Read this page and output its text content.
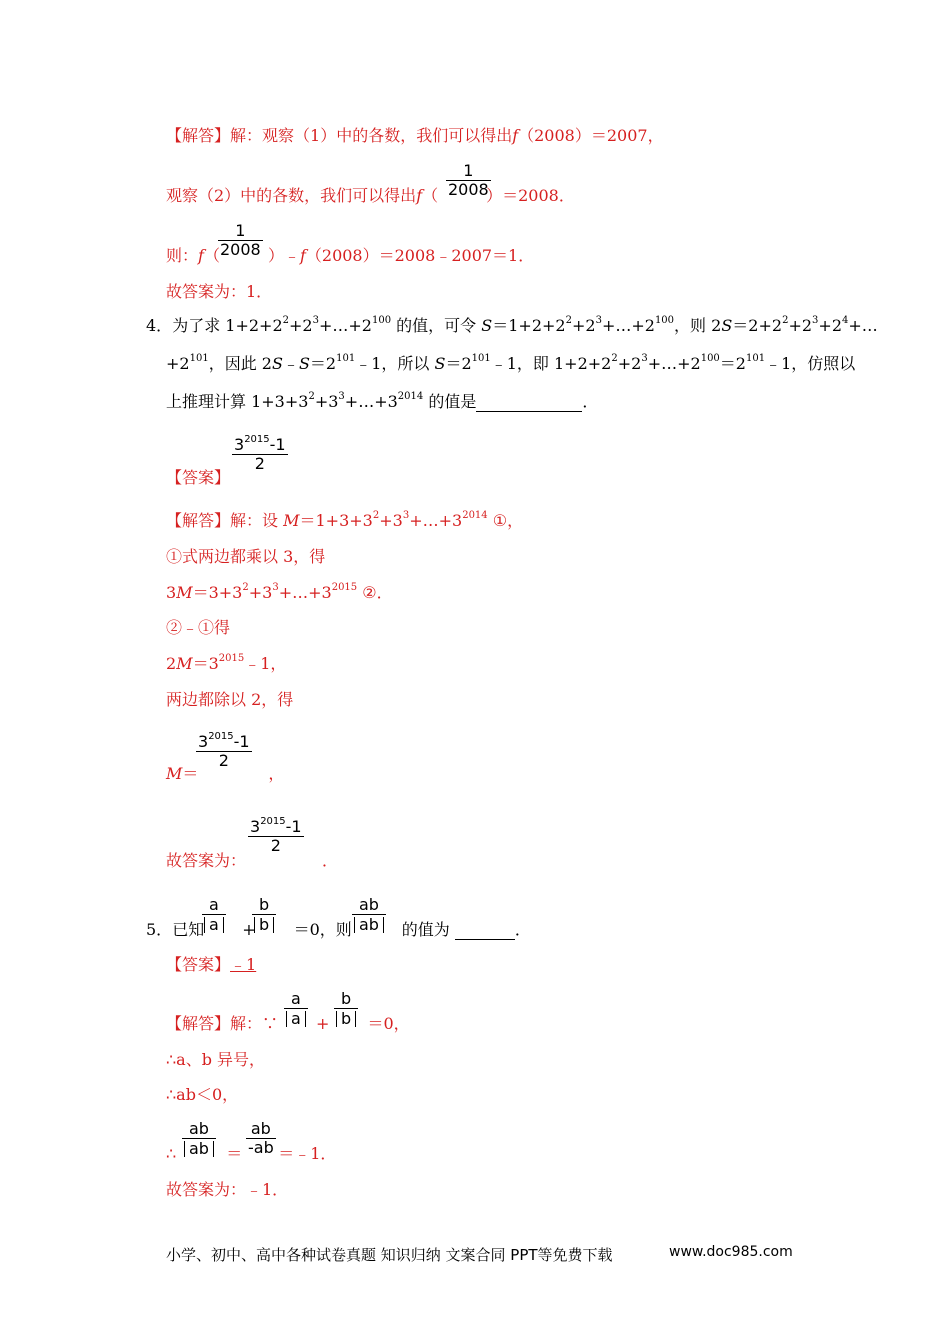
【解答】解：观察（1）中的各数，我们可以得出f（2008）＝2007，
观察（2）中的各数，我们可以得出f（	）＝2008．
1
2008
则：f（	）﹣f（2008）＝2008﹣2007＝1．
1
2008
故答案为：1．
4．为了求 $1+2+2^2+2^3+\dots+2^{100}$ 的值，可令 $S=1+2+2^2+2^3+\dots+2^{100}$，则 $2S=2+2^2+2^3+2^4+\dots$
$+2^{101}$，因此 $2S﹣S=2^{101}﹣1$，所以 $S=2^{101}﹣1$，即 $1+2+2^2+2^3+\dots+2^{100}=2^{101}﹣1$，仿照以
上推理计算 $1+3+3^2+3^3+\dots+3^{2014}$ 的值是	．
【答案】
$3^{2015}-1$
2
【解答】解：设 $M=1+3+3^2+3^3+\dots+3^{2014}$ ①，
①式两边都乘以 3，得
$3M=3+3^2+3^3+\dots+3^{2015}$ ②．
②﹣①得
$2M=3^{2015}﹣1$，
两边都除以 2，得
M＝	，
$3^{2015}-1$
2
故答案为：	．
$3^{2015}-1$
2
5．已知 + ＝0，则	的值为	．
a
a
b
b
ab
ab
【答案】﹣1
【解答】解：∵ + ＝0，
a
a
b
b
∴a、b 异号，
∴ab＜0，
∴	＝ ＝﹣1．
ab
ab
ab
-ab
故答案为：﹣1．
小学、初中、高中各种试卷真题 知识归纳 文案合同 PPT等免费下载	www.doc985.com
